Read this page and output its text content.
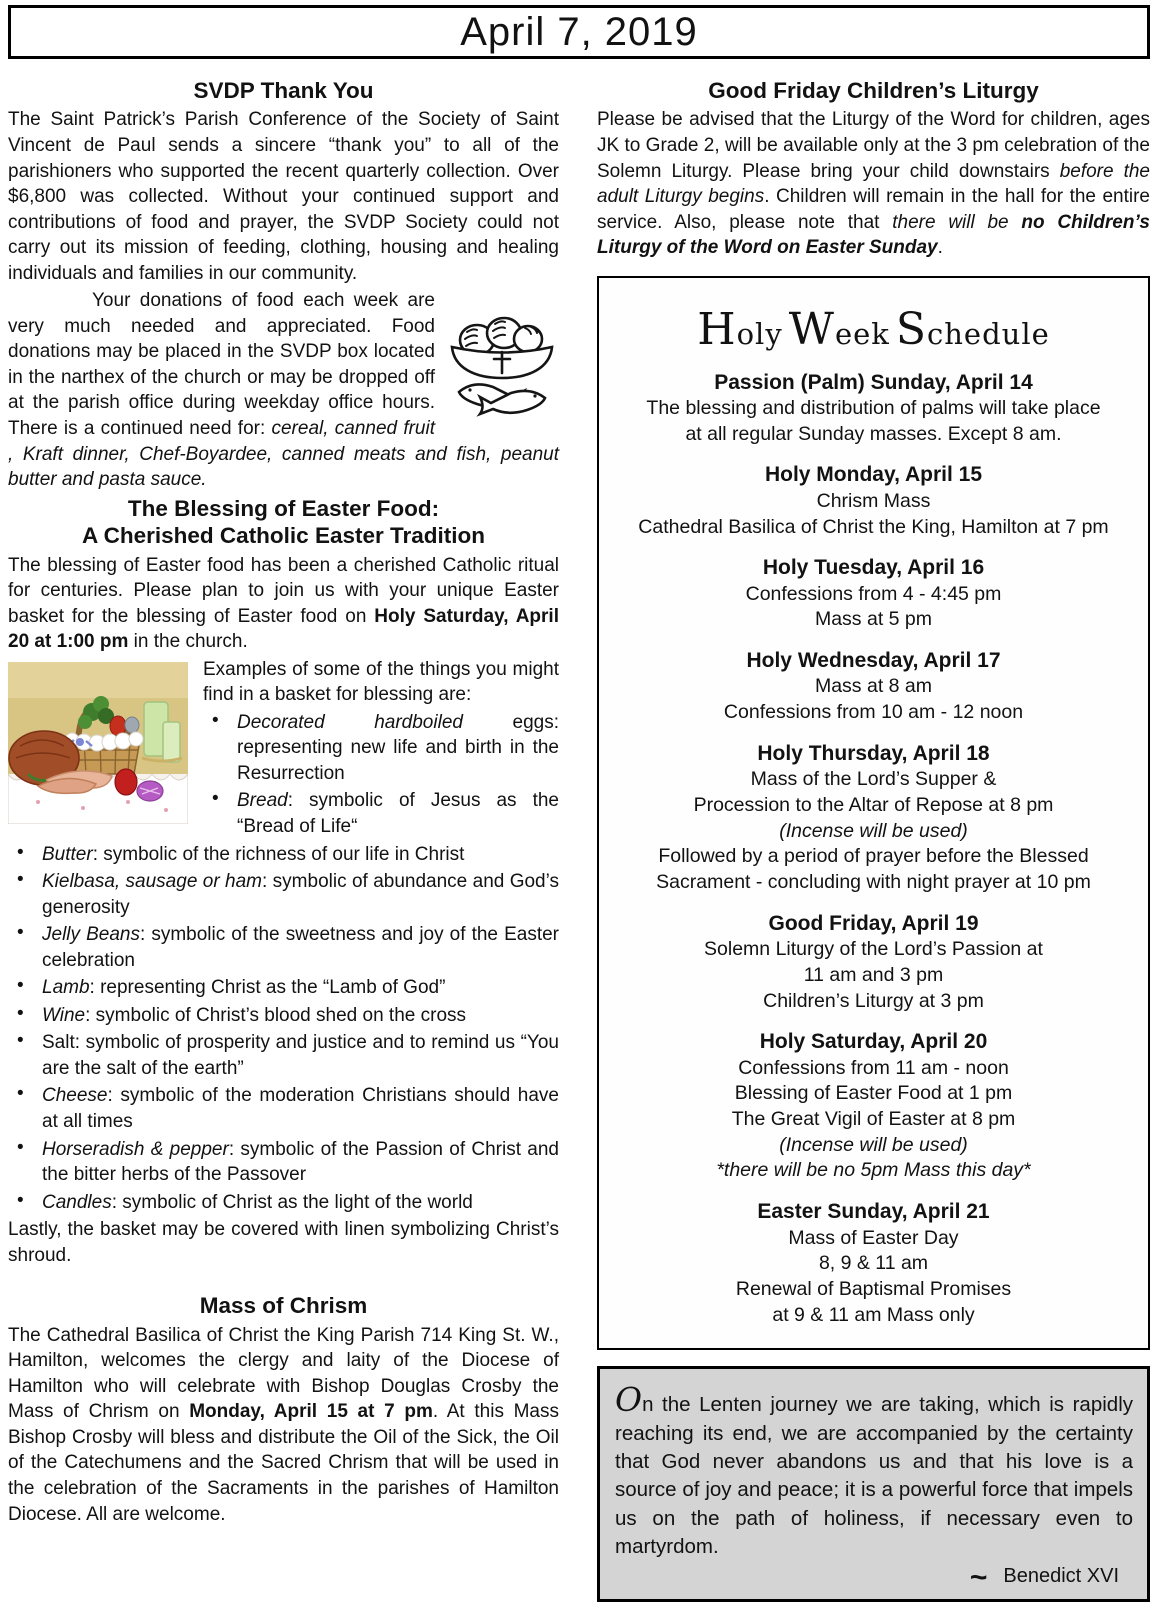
April 7, 2019
SVDP Thank You

The Saint Patrick’s Parish Conference of the Society of Saint Vincent de Paul sends a sincere “thank you” to all of the parishioners who supported the recent quarterly collection. Over $6,800 was collected. Without your continued support and contributions of food and prayer, the SVDP Society could not carry out its mission of feeding, clothing, housing and healing individuals and families in our community.

Your donations of food each week are very much needed and appreciated. Food donations may be placed in the SVDP box located in the narthex of the church or may be dropped off at the parish office during weekday office hours. There is a continued need for: cereal, canned fruit , Kraft dinner, Chef-Boyardee, canned meats and fish, peanut butter and pasta sauce.

The Blessing of Easter Food:
A Cherished Catholic Easter Tradition

The blessing of Easter food has been a cherished Catholic ritual for centuries. Please plan to join us with your unique Easter basket for the blessing of Easter food on Holy Saturday, April 20 at 1:00 pm in the church.

Examples of some of the things you might find in a basket for blessing are:

• Decorated hardboiled eggs: representing new life and birth in the Resurrection
• Bread: symbolic of Jesus as the “Bread of Life“
• Butter: symbolic of the richness of our life in Christ
• Kielbasa, sausage or ham: symbolic of abundance and God’s generosity
• Jelly Beans: symbolic of the sweetness and joy of the Easter celebration
• Lamb: representing Christ as the “Lamb of God”
• Wine: symbolic of Christ’s blood shed on the cross
• Salt: symbolic of prosperity and justice and to remind us “You are the salt of the earth”
• Cheese: symbolic of the moderation Christians should have at all times
• Horseradish & pepper: symbolic of the Passion of Christ and the bitter herbs of the Passover
• Candles: symbolic of Christ as the light of the world

Lastly, the basket may be covered with linen symbolizing Christ’s shroud.

Mass of Chrism

The Cathedral Basilica of Christ the King Parish 714 King St. W., Hamilton, welcomes the clergy and laity of the Diocese of Hamilton who will celebrate with Bishop Douglas Crosby the Mass of Chrism on Monday, April 15 at 7 pm. At this Mass Bishop Crosby will bless and distribute the Oil of the Sick, the Oil of the Catechumens and the Sacred Chrism that will be used in the celebration of the Sacraments in the parishes of Hamilton Diocese. All are welcome.

Good Friday Children’s Liturgy

Please be advised that the Liturgy of the Word for children, ages JK to Grade 2, will be available only at the 3 pm celebration of the Solemn Liturgy. Please bring your child downstairs before the adult Liturgy begins. Children will remain in the hall for the entire service. Also, please note that there will be no Children’s Liturgy of the Word on Easter Sunday.

Holy Week Schedule
Passion (Palm) Sunday, April 14
The blessing and distribution of palms will take place
at all regular Sunday masses. Except 8 am.
Holy Monday, April 15
Chrism Mass
Cathedral Basilica of Christ the King, Hamilton at 7 pm
Holy Tuesday, April 16
Confessions from 4 - 4:45 pm
Mass at 5 pm
Holy Wednesday, April 17
Mass at 8 am
Confessions from 10 am - 12 noon
Holy Thursday, April 18
Mass of the Lord’s Supper &
Procession to the Altar of Repose at 8 pm
(Incense will be used)
Followed by a period of prayer before the Blessed
Sacrament - concluding with night prayer at 10 pm
Good Friday, April 19
Solemn Liturgy of the Lord’s Passion at
11 am and 3 pm
Children’s Liturgy at 3 pm
Holy Saturday, April 20
Confessions from 11 am - noon
Blessing of Easter Food at 1 pm
The Great Vigil of Easter at 8 pm
(Incense will be used)
*there will be no 5pm Mass this day*
Easter Sunday, April 21
Mass of Easter Day
8, 9 & 11 am
Renewal of Baptismal Promises
at 9 & 11 am Mass only
On the Lenten journey we are taking, which is rapidly reaching its end, we are accompanied by the certainty that God never abandons us and that his love is a source of joy and peace; it is a powerful force that impels us on the path of holiness, if necessary even to martyrdom.
~ Benedict XVI
